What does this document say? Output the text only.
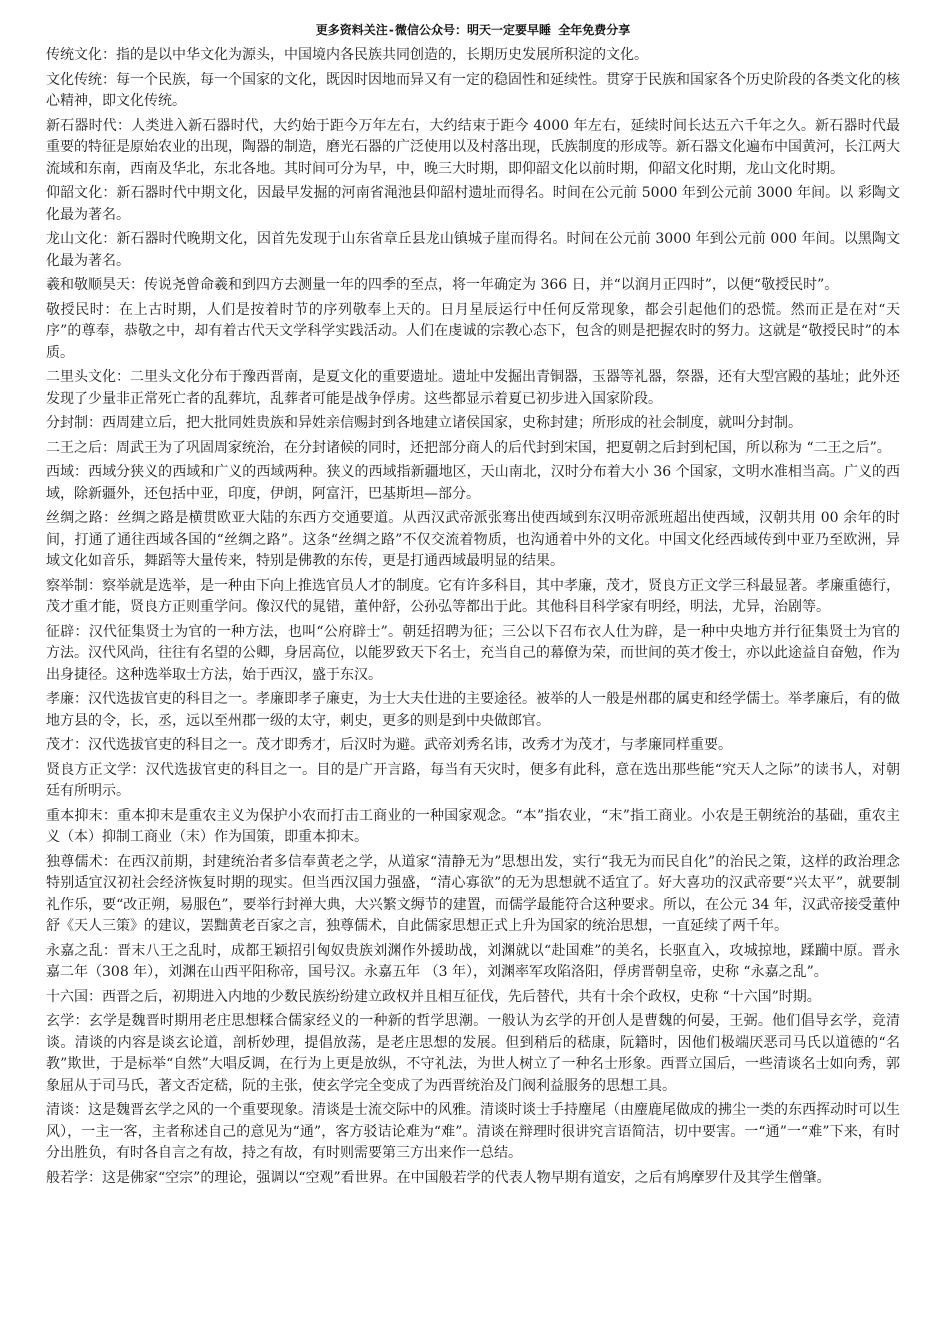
更多资料关注-微信公众号：明天一定要早睡 全年免费分享

传统文化：指的是以中华文化为源头，中国境内各民族共同创造的，长期历史发展所积淀的文化。

文化传统：每一个民族，每一个国家的文化，既因时因地而异又有一定的稳固性和延续性。贯穿于民族和国家各个历史阶段的各类文化的核心精神，即文化传统。

新石器时代：人类进入新石器时代，大约始于距今万年左右，大约结束于距今 4000 年左右，延续时间长达五六千年之久。新石器时代最重要的特征是原始农业的出现，陶器的制造，磨光石器的广泛使用以及村落出现，氏族制度的形成等。新石器文化遍布中国黄河，长江两大流域和东南，西南及华北，东北各地。其时间可分为早，中，晚三大时期，即仰韶文化以前时期，仰韶文化时期，龙山文化时期。

仰韶文化：新石器时代中期文化，因最早发掘的河南省渑池县仰韶村遗址而得名。时间在公元前 5000 年到公元前 3000 年间。以 彩陶文化最为著名。

龙山文化：新石器时代晚期文化，因首先发现于山东省章丘县龙山镇城子崖而得名。时间在公元前 3000 年到公元前 000 年间。以黑陶文化最为著名。

羲和敬顺昊天：传说尧曾命羲和到四方去测量一年的四季的至点，将一年确定为 366 日，并“以润月正四时”，以便“敬授民时”。

敬授民时：在上古时期，人们是按着时节的序列敬奉上天的。日月星辰运行中任何反常现象，都会引起他们的恐慌。然而正是在对“天序”的尊奉，恭敬之中，却有着古代天文学科学实践活动。人们在虔诚的宗教心态下，包含的则是把握农时的努力。这就是“敬授民时”的本质。

二里头文化：二里头文化分布于豫西晋南，是夏文化的重要遗址。遗址中发掘出青铜器，玉器等礼器，祭器，还有大型宫殿的基址；此外还发现了少量非正常死亡者的乱葬坑，乱葬者可能是战争俘虏。这些都显示着夏已初步进入国家阶段。

分封制：西周建立后，把大批同姓贵族和异姓亲信赐封到各地建立诸侯国家，史称封建；所形成的社会制度，就叫分封制。

二王之后：周武王为了巩固周家统治，在分封诸候的同时，还把部分商人的后代封到宋国，把夏朝之后封到杞国，所以称为 “二王之后”。

西域：西域分狭义的西域和广义的西域两种。狭义的西域指新疆地区，天山南北，汉时分布着大小 36 个国家，文明水准相当高。广义的西域，除新疆外，还包括中亚，印度，伊朗，阿富汗，巴基斯坦—部分。

丝绸之路：丝绸之路是横贯欧亚大陆的东西方交通要道。从西汉武帝派张骞出使西域到东汉明帝派班超出使西域，汉朝共用 00 余年的时间，打通了通往西域各国的“丝绸之路”。这条“丝绸之路”不仅交流着物质，也沟通着中外的文化。中国文化经西域传到中亚乃至欧洲，异域文化如音乐，舞蹈等大量传来，特别是佛教的东传，更是打通西域最明显的结果。

察举制：察举就是选举，是一种由下向上推选官员人才的制度。它有许多科目，其中孝廉，茂才，贤良方正文学三科最显著。孝廉重德行，茂才重才能，贤良方正则重学问。像汉代的晁错，董仲舒，公孙弘等都出于此。其他科目科学家有明经，明法，尤异，治剧等。

征辟：汉代征集贤士为官的一种方法，也叫“公府辟士”。朝廷招聘为征；三公以下召布衣人仕为辟，是一种中央地方并行征集贤士为官的方法。汉代风尚，往往有名望的公卿，身居高位，以能罗致天下名士，充当自己的幕僚为荣，而世间的英才俊士，亦以此途益自奋勉，作为出身捷径。这种选举取士方法，始于西汉，盛于东汉。

孝廉：汉代选拔官吏的科目之一。孝廉即孝子廉吏，为士大夫仕进的主要途径。被举的人一般是州郡的属吏和经学儒士。举孝廉后，有的做地方县的令，长，丞，远以至州郡一级的太守，刺史，更多的则是到中央做郎官。

茂才：汉代选拔官吏的科目之一。茂才即秀才，后汉时为避。武帝刘秀名讳，改秀才为茂才，与孝廉同样重要。

贤良方正文学：汉代选拔官吏的科目之一。目的是广开言路，每当有天灾时，便多有此科，意在选出那些能“究天人之际”的读书人，对朝廷有所明示。

重本抑末：重本抑末是重农主义为保护小农而打击工商业的一种国家观念。“本”指农业，“末”指工商业。小农是王朝统治的基础，重农主义（本）抑制工商业（末）作为国策，即重本抑末。

独尊儒术：在西汉前期，封建统治者多信奉黄老之学，从道家“清静无为”思想出发，实行“我无为而民自化”的治民之策，这样的政治理念特别适宜汉初社会经济恢复时期的现实。但当西汉国力强盛，“清心寡欲”的无为思想就不适宜了。好大喜功的汉武帝要“兴太平”，就要制礼作乐，要“改正朔，易服色”，要举行封禅大典，大兴繁文缛节的建置，而儒学最能符合这种要求。所以，在公元 34 年，汉武帝接受董仲舒《天人三策》的建议，罢黜黄老百家之言，独尊儒术，自此儒家思想正式上升为国家的统治思想，一直延续了两千年。

永嘉之乱：晋末八王之乱时，成都王颖招引匈奴贵族刘渊作外援助战，刘渊就以“赴国难”的美名，长驱直入，攻城掠地，蹂躏中原。晋永嘉二年（308 年），刘渊在山西平阳称帝，国号汉。永嘉五年 （3 年），刘渊率军攻陷洛阳，俘虏晋朝皇帝，史称 “永嘉之乱”。

十六国：西晋之后，初期进入内地的少数民族纷纷建立政权并且相互征伐，先后替代，共有十余个政权，史称 “十六国”时期。

玄学：玄学是魏晋时期用老庄思想糅合儒家经义的一种新的哲学思潮。一般认为玄学的开创人是曹魏的何晏，王弼。他们倡导玄学，竞清谈。清谈的内容是谈玄论道，剖析妙理，提倡放荡，是老庄思想的发展。但到稍后的嵇康，阮籍时，因他们极端厌恶司马氏以道德的“名教”欺世，于是标举“自然”大唱反调，在行为上更是放纵，不守礼法，为世人树立了一种名士形象。西晋立国后，一些清谈名士如向秀，郭象屈从于司马氏，著文否定嵇，阮的主张，使玄学完全变成了为西晋统治及门阀利益服务的思想工具。

清谈：这是魏晋玄学之风的一个重要现象。清谈是士流交际中的风雅。清谈时谈士手持麈尾（由麈鹿尾做成的拂尘一类的东西挥动时可以生风），一主一客，主者称述自己的意见为“通”，客方驳诘论难为“难”。清谈在辩理时很讲究言语简洁，切中要害。一“通”一“难”下来，有时分出胜负，有时各自言之有故，持之有故，有时则需要第三方出来作一总结。

般若学：这是佛家“空宗”的理论，强调以“空观”看世界。在中国般若学的代表人物早期有道安，之后有鸠摩罗什及其学生僧肇。
